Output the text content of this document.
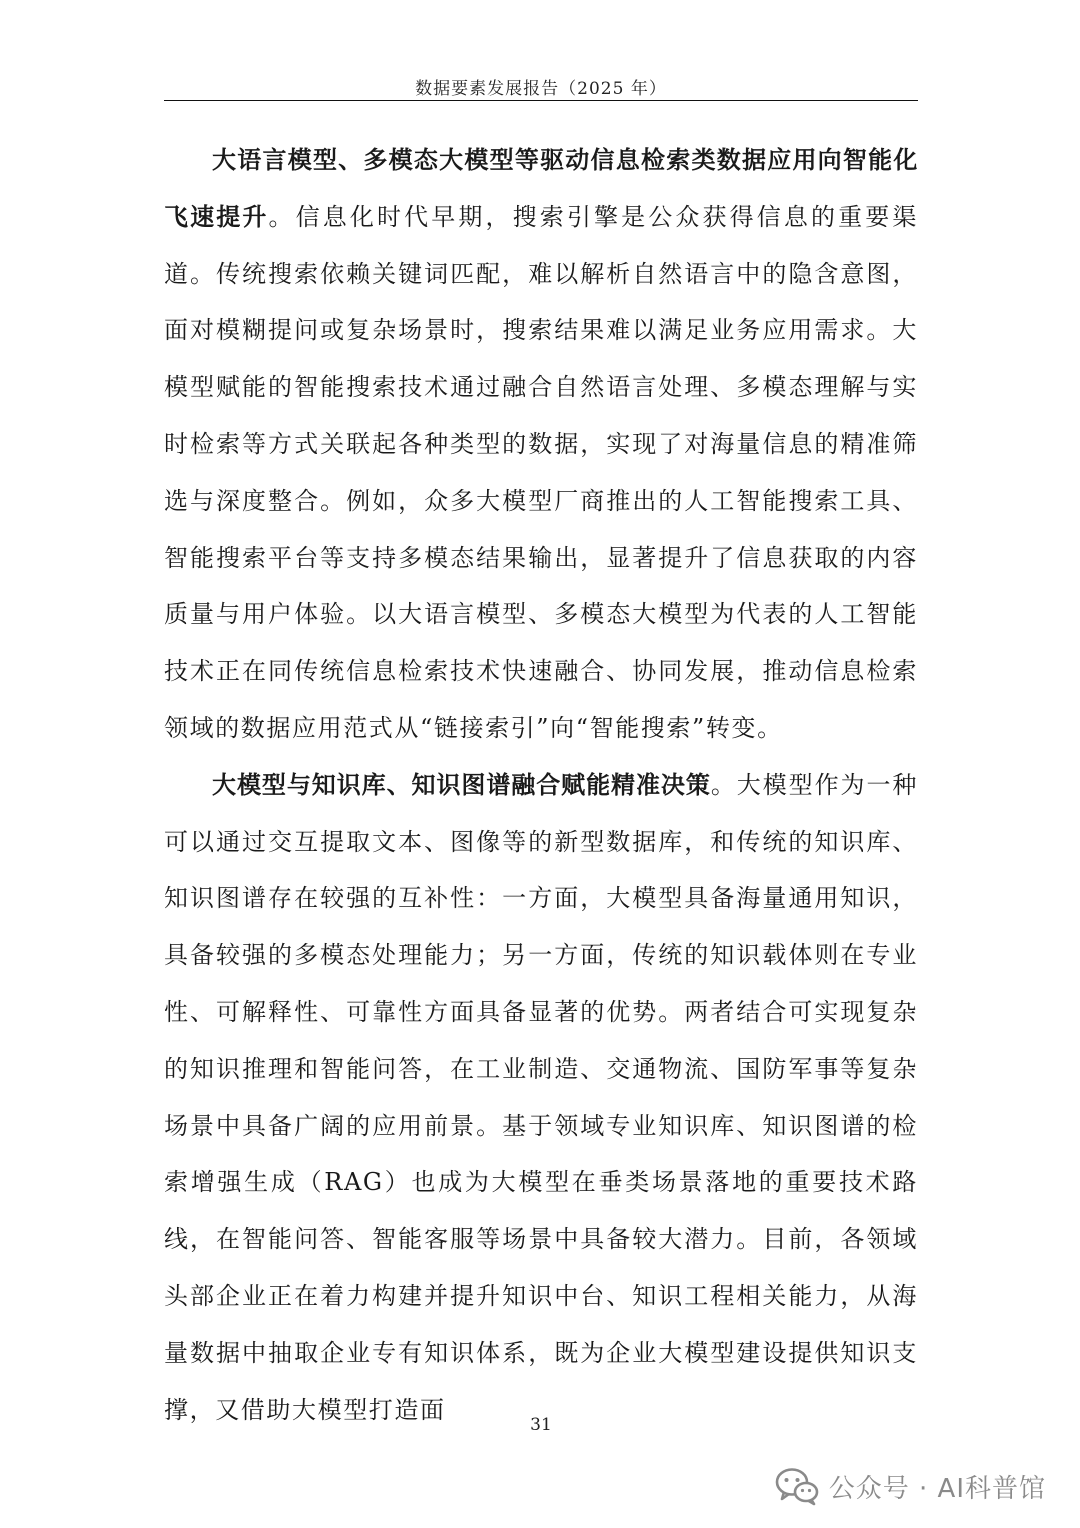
数据要素发展报告（2025 年）

大语言模型、多模态大模型等驱动信息检索类数据应用向智能化飞速提升。信息化时代早期，搜索引擎是公众获得信息的重要渠道。传统搜索依赖关键词匹配，难以解析自然语言中的隐含意图，面对模糊提问或复杂场景时，搜索结果难以满足业务应用需求。大模型赋能的智能搜索技术通过融合自然语言处理、多模态理解与实时检索等方式关联起各种类型的数据，实现了对海量信息的精准筛选与深度整合。例如，众多大模型厂商推出的人工智能搜索工具、智能搜索平台等支持多模态结果输出，显著提升了信息获取的内容质量与用户体验。以大语言模型、多模态大模型为代表的人工智能技术正在同传统信息检索技术快速融合、协同发展，推动信息检索领域的数据应用范式从“链接索引”向“智能搜索”转变。

大模型与知识库、知识图谱融合赋能精准决策。大模型作为一种可以通过交互提取文本、图像等的新型数据库，和传统的知识库、知识图谱存在较强的互补性：一方面，大模型具备海量通用知识，具备较强的多模态处理能力；另一方面，传统的知识载体则在专业性、可解释性、可靠性方面具备显著的优势。两者结合可实现复杂的知识推理和智能问答，在工业制造、交通物流、国防军事等复杂场景中具备广阔的应用前景。基于领域专业知识库、知识图谱的检索增强生成（RAG）也成为大模型在垂类场景落地的重要技术路线，在智能问答、智能客服等场景中具备较大潜力。目前，各领域头部企业正在着力构建并提升知识中台、知识工程相关能力，从海量数据中抽取企业专有知识体系，既为企业大模型建设提供知识支撑，又借助大模型打造面

31
公众号 · AI科普馆
